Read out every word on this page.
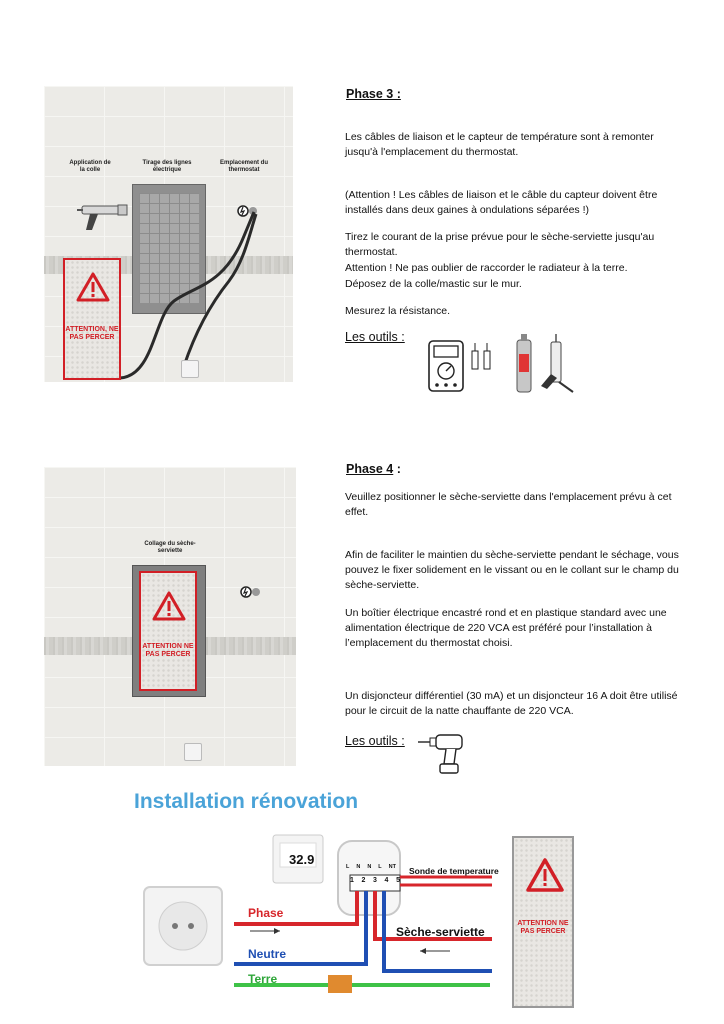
Application de la colle
Tirage des lignes électrique
Emplacement du thermostat
ATTENTION, NE PAS PERCER
Phase 3 :

Les câbles de liaison et le capteur de température sont à remonter jusqu'à l'emplacement du thermostat.

(Attention ! Les câbles de liaison et le câble du capteur doivent être installés dans deux gaines à ondulations séparées !)

Tirez le courant de la prise prévue pour le sèche-serviette jusqu'au thermostat.

Attention ! Ne pas oublier de raccorder le radiateur à la terre.

Déposez de la colle/mastic sur le mur.

Mesurez la résistance.

Les outils :
Collage du sèche-serviette
ATTENTION NE PAS PERCER
Phase 4 :

Veuillez positionner le sèche-serviette dans l'emplacement prévu à cet effet.

Afin de faciliter le maintien du sèche-serviette pendant le séchage, vous pouvez le fixer solidement en le vissant ou en le collant sur le champ du sèche-serviette.

Un boîtier électrique encastré rond et en plastique standard avec une alimentation électrique de 220 VCA est préféré pour l’installation à l’emplacement du thermostat choisi.

Un disjoncteur différentiel (30 mA) et un disjoncteur 16 A doit être utilisé pour le circuit de la natte chauffante de 220 VCA.

Les outils :
Installation rénovation
32.9	L N N L NT
1 2 3 4 5
Sonde de temperature
Phase
Sèche-serviette
Neutre
Terre
ATTENTION NE PAS PERCER
